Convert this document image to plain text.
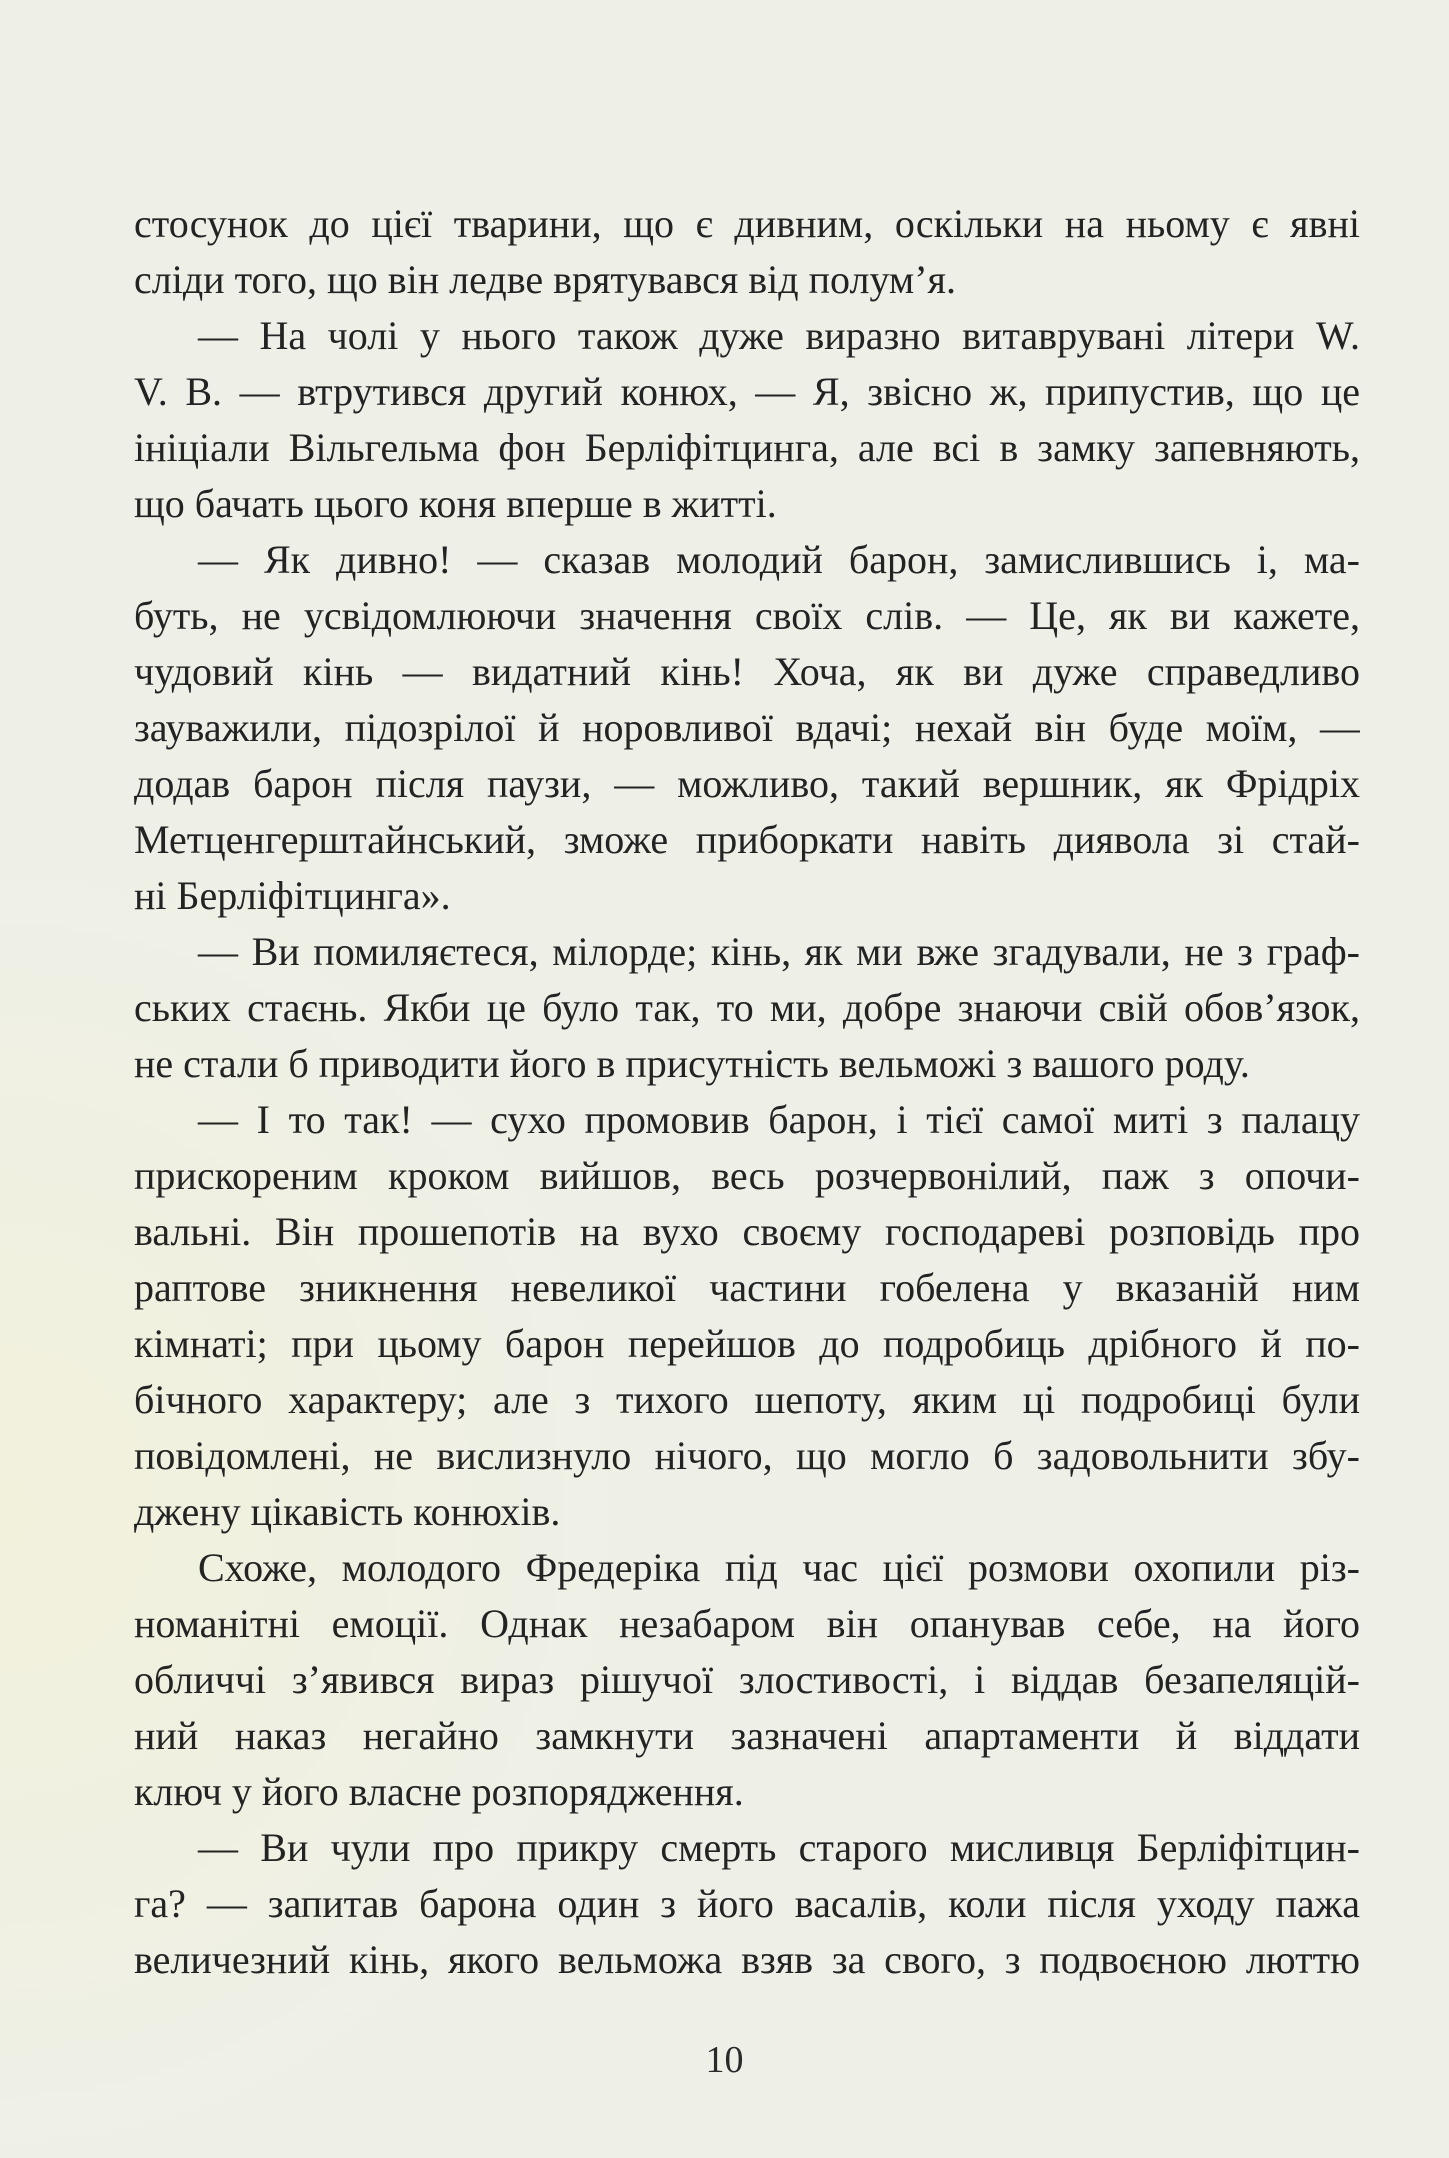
стосунок до цієї тварини, що є дивним, оскільки на ньому є явні
сліди того, що він ледве врятувався від полум’я.
— На чолі у нього також дуже виразно витаврувані літери W.
V. B. — втрутився другий конюх, — Я, звісно ж, припустив, що це
ініціали Вільгельма фон Берліфітцинга, але всі в замку запевняють,
що бачать цього коня вперше в житті.
— Як дивно! — сказав молодий барон, замислившись і, ма-
буть, не усвідомлюючи значення своїх слів. — Це, як ви кажете,
чудовий кінь — видатний кінь! Хоча, як ви дуже справедливо
зауважили, підозрілої й норовливої вдачі; нехай він буде моїм, —
додав барон після паузи, — можливо, такий вершник, як Фрідріх
Метценгерштайнський, зможе приборкати навіть диявола зі стай-
ні Берліфітцинга».
— Ви помиляєтеся, мілорде; кінь, як ми вже згадували, не з граф-
ських стаєнь. Якби це було так, то ми, добре знаючи свій обов’язок,
не стали б приводити його в присутність вельможі з вашого роду.
— І то так! — сухо промовив барон, і тієї самої миті з палацу
прискореним кроком вийшов, весь розчервонілий, паж з опочи-
вальні. Він прошепотів на вухо своєму господареві розповідь про
раптове зникнення невеликої частини гобелена у вказаній ним
кімнаті; при цьому барон перейшов до подробиць дрібного й по-
бічного характеру; але з тихого шепоту, яким ці подробиці були
повідомлені, не вислизнуло нічого, що могло б задовольнити збу-
джену цікавість конюхів.
Схоже, молодого Фредеріка під час цієї розмови охопили різ-
номанітні емоції. Однак незабаром він опанував себе, на його
обличчі з’явився вираз рішучої злостивості, і віддав безапеляцій-
ний наказ негайно замкнути зазначені апартаменти й віддати
ключ у його власне розпорядження.
— Ви чули про прикру смерть старого мисливця Берліфітцин-
га? — запитав барона один з його васалів, коли після уходу пажа
величезний кінь, якого вельможа взяв за свого, з подвоєною люттю
10
